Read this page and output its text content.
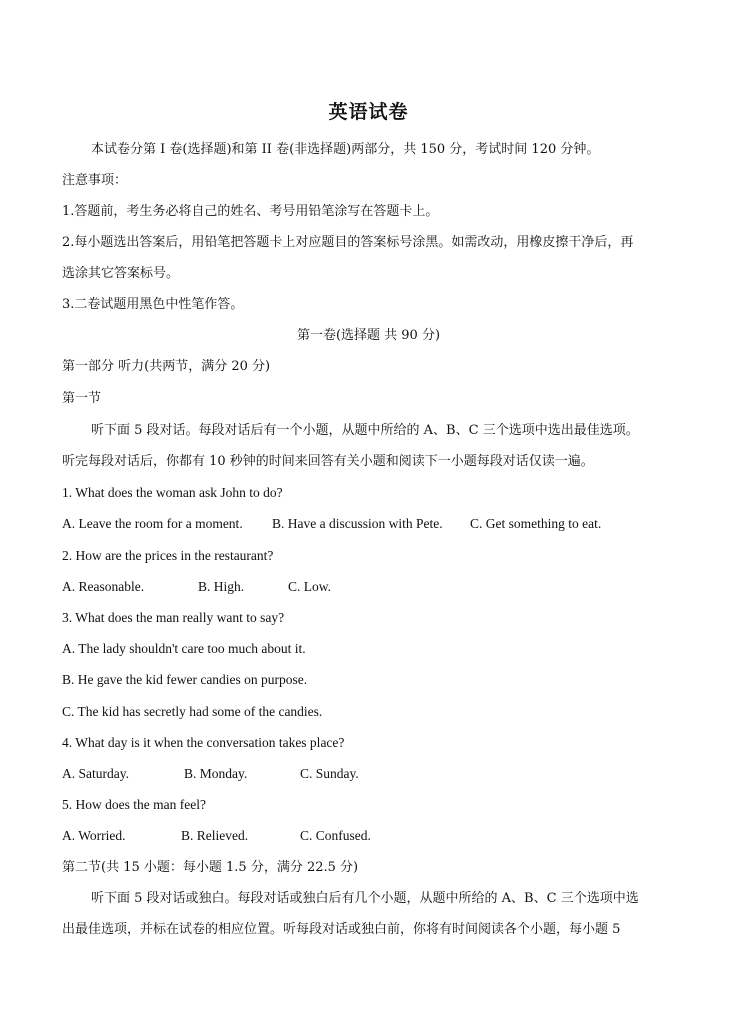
英语试卷
本试卷分第 I 卷(选择题)和第 II 卷(非选择题)两部分，共 150 分，考试时间 120 分钟。
注意事项：
1.答题前，考生务必将自己的姓名、考号用铅笔涂写在答题卡上。
2.每小题选出答案后，用铅笔把答题卡上对应题目的答案标号涂黑。如需改动，用橡皮擦干净后，再
选涂其它答案标号。
3.二卷试题用黑色中性笔作答。
第一卷(选择题 共 90 分)
第一部分 听力(共两节，满分 20 分)
第一节
听下面 5 段对话。每段对话后有一个小题，从题中所给的 A、B、C 三个选项中选出最佳选项。
听完每段对话后，你都有 10 秒钟的时间来回答有关小题和阅读下一小题每段对话仅读一遍。
1. What does the woman ask John to do?
A. Leave the room for a moment. B. Have a discussion with Pete. C. Get something to eat.
2. How are the prices in the restaurant?
A. Reasonable.	B. High.	C. Low.
3. What does the man really want to say?
A. The lady shouldn't care too much about it.
B. He gave the kid fewer candies on purpose.
C. The kid has secretly had some of the candies.
4. What day is it when the conversation takes place?
A. Saturday.	B. Monday.	C. Sunday.
5. How does the man feel?
A. Worried.	B. Relieved.	C. Confused.
第二节(共 15 小题：每小题 1.5 分，满分 22.5 分)
听下面 5 段对话或独白。每段对话或独白后有几个小题，从题中所给的 A、B、C 三个选项中选
出最佳选项，并标在试卷的相应位置。听每段对话或独白前，你将有时间阅读各个小题，每小题 5
